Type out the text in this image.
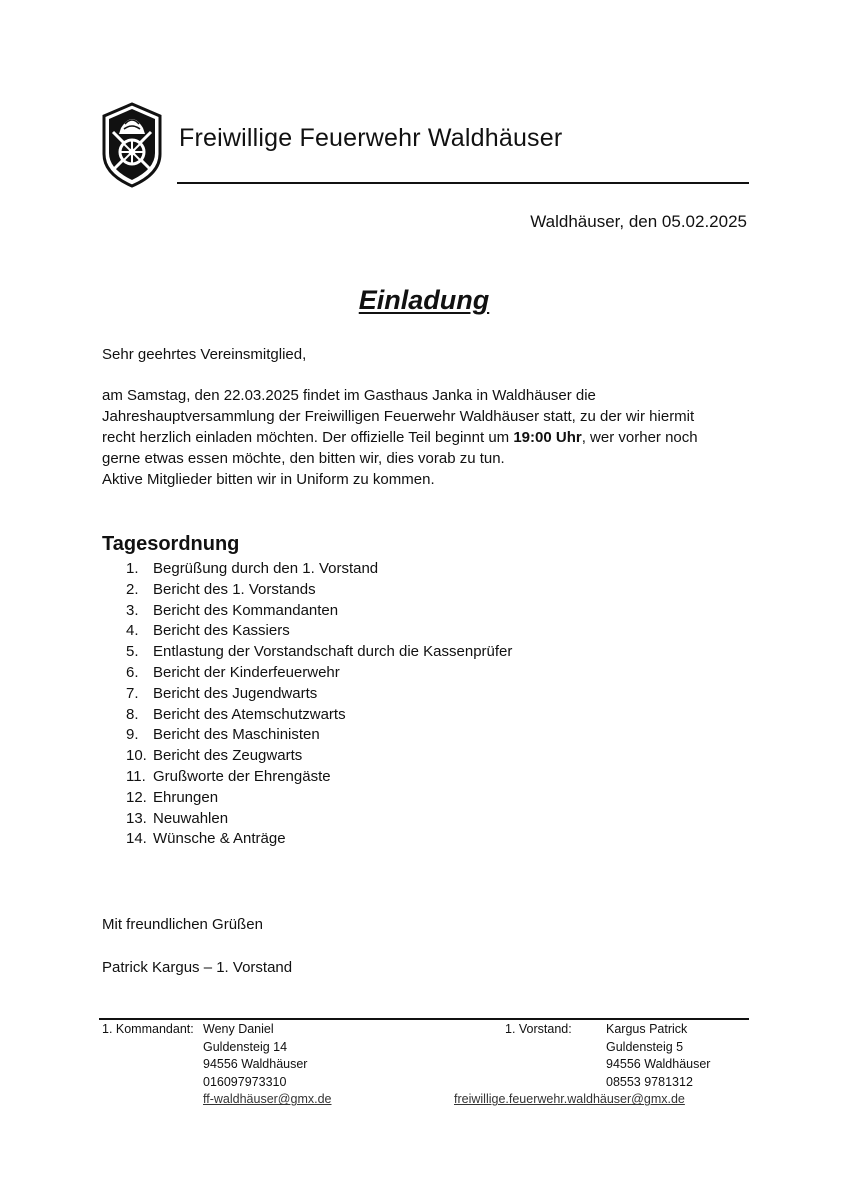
Freiwillige Feuerwehr Waldhäuser
Waldhäuser, den 05.02.2025
Einladung
Sehr geehrtes Vereinsmitglied,

am Samstag, den 22.03.2025 findet im Gasthaus Janka in Waldhäuser die

Jahreshauptversammlung der Freiwilligen Feuerwehr Waldhäuser statt, zu der wir hiermit

recht herzlich einladen möchten. Der offizielle Teil beginnt um 19:00 Uhr, wer vorher noch

gerne etwas essen möchte, den bitten wir, dies vorab zu tun.

Aktive Mitglieder bitten wir in Uniform zu kommen.

Tagesordnung
1. Begrüßung durch den 1. Vorstand
2. Bericht des 1. Vorstands
3. Bericht des Kommandanten
4. Bericht des Kassiers
5. Entlastung der Vorstandschaft durch die Kassenprüfer
6. Bericht der Kinderfeuerwehr
7. Bericht des Jugendwarts
8. Bericht des Atemschutzwarts
9. Bericht des Maschinisten
10. Bericht des Zeugwarts
11. Grußworte der Ehrengäste
12. Ehrungen
13. Neuwahlen
14. Wünsche & Anträge
Mit freundlichen Grüßen
Patrick Kargus – 1. Vorstand
1. Kommandant: Weny Daniel
Guldensteig 14
94556 Waldhäuser
016097973310
ff-waldhäuser@gmx.de
1. Vorstand:	Kargus Patrick
Guldensteig 5
94556 Waldhäuser
08553 9781312
freiwillige.feuerwehr.waldhäuser@gmx.de
